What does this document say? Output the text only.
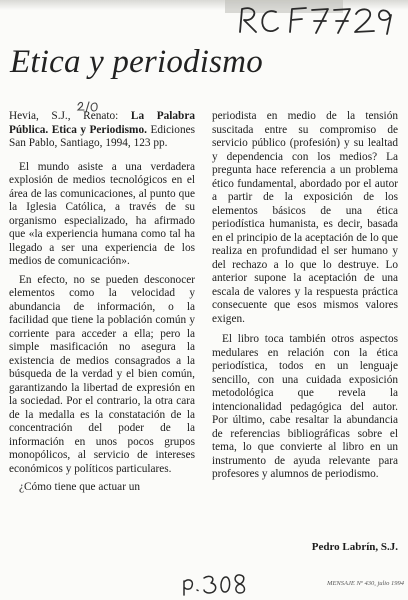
Etica y periodismo

Hevia, S.J., Renato: La Palabra Pública. Etica y Periodismo. Ediciones San Pablo, Santiago, 1994, 123 pp.

El mundo asiste a una verdadera explosión de medios tecnológicos en el área de las comunicaciones, al punto que la Iglesia Católica, a través de su organismo especializado, ha afirmado que «la experiencia humana como tal ha llegado a ser una experiencia de los medios de comunicación».

En efecto, no se pueden desconocer elementos como la velocidad y abundancia de información, o la facilidad que tiene la población común y corriente para acceder a ella; pero la simple masificación no asegura la existencia de medios consagrados a la búsqueda de la verdad y el bien común, garantizando la libertad de expresión en la sociedad. Por el contrario, la otra cara de la medalla es la constatación de la concentración del poder de la información en unos pocos grupos monopólicos, al servicio de intereses económicos y políticos particulares.

¿Cómo tiene que actuar un

periodista en medio de la tensión suscitada entre su compromiso de servicio público (profesión) y su lealtad y dependencia con los medios? La pregunta hace referencia a un problema ético fundamental, abordado por el autor a partir de la exposición de los elementos básicos de una ética periodística humanista, es decir, basada en el principio de la aceptación de lo que realiza en profundidad el ser humano y del rechazo a lo que lo destruye. Lo anterior supone la aceptación de una escala de valores y la respuesta práctica consecuente que esos mismos valores exigen.

El libro toca también otros aspectos medulares en relación con la ética periodística, todos en un lenguaje sencillo, con una cuidada exposición metodológica que revela la intencionalidad pedagógica del autor. Por último, cabe resaltar la abundancia de referencias bibliográficas sobre el tema, lo que convierte al libro en un instrumento de ayuda relevante para profesores y alumnos de periodismo.

Pedro Labrín, S.J.
MENSAJE Nº 430, julio 1994
